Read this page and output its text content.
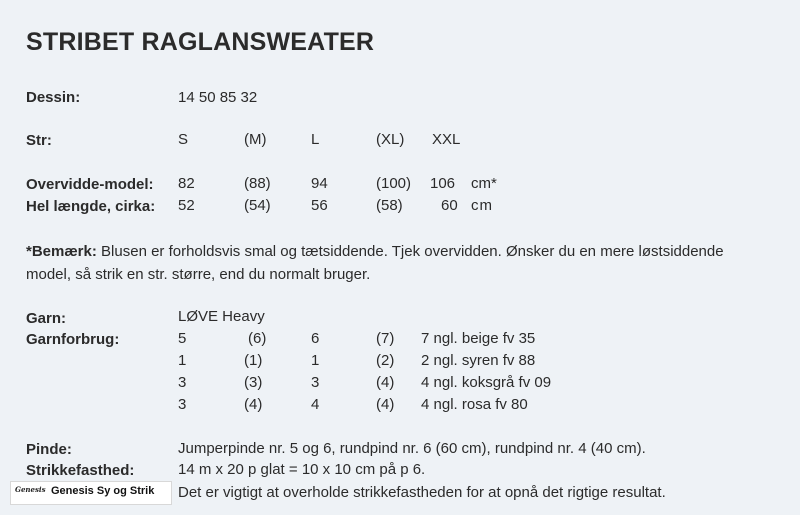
STRIBET RAGLANSWEATER
Dessin:	14 50 85 32
Str:	S	(M)	L	(XL) XXL
Overvidde-model: 82	(88)	94	(100) 106 cm*
Hel længde, cirka: 52	(54)	56	(58)	60 cm
*Bemærk: Blusen er forholdsvis smal og tætsiddende. Tjek overvidden. Ønsker du en mere løstsiddende
model, så strik en str. større, end du normalt bruger.
Garn:	LØVE Heavy
Garnforbrug:	5	(6)	6	(7) 7 ngl. beige fv 35
1	(1)	1	(2) 2 ngl. syren fv 88
3	(3)	3	(4) 4 ngl. koksgrå fv 09
3	(4)	4	(4) 4 ngl. rosa fv 80
Pinde:	Jumperpinde nr. 5 og 6, rundpind nr. 6 (60 cm), rundpind nr. 4 (40 cm).
Strikkefasthed:	14 m x 20 p glat = 10 x 10 cm på p 6.
Det er vigtigt at overholde strikkefastheden for at opnå det rigtige resultat.
Genesis Genesis Sy og Strik
